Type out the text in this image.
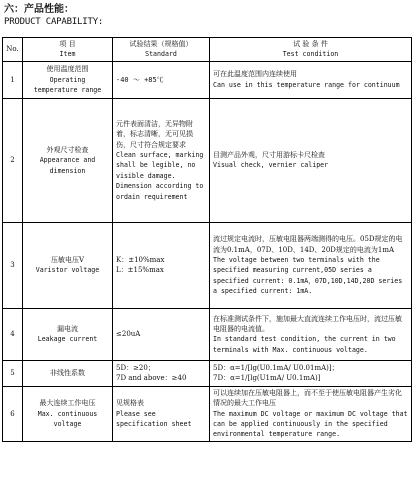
六：产品性能：
PRODUCT CAPABILITY:
No.	项 目
Item	试验结果（规格值）
Standard	试 验 条 件
Test condition

1	使用温度范围
Operating temperature range	-40 ～ +85℃	可在此温度范围内连续使用
Can use in this temperature range for continuum

2	外观尺寸检查
Appearance and dimension	元件表面清洁，无异物附着，标志清晰，无可见损伤，尺寸符合规定要求
Clean surface, marking shall be legible, no visible damage. Dimension according to ordain requirement	目测产品外观，尺寸用游标卡尺检查
Visual check, vernier caliper

3	压敏电压V
Varistor voltage	K：±10%max
L：±15%max	流过规定电流时，压敏电阻器两端测得的电压。05D规定的电流为0.1mA，07D、10D、14D、20D规定的电流为1mA
The voltage between two terminals with the specified measuring current,05D series a specified current: 0.1mA，07D,10D,14D,20D series a specified current: 1mA.

4	漏电流
Leakage current	≤20uA	在标准测试条件下，施加最大直流连续工作电压时，流过压敏电阻器的电流值。
In standard test condition, the current in two terminals with Max. continuous voltage.

5	非线性系数	5D：≥20；
7D and above：≥40	5D：α=1/[lg(U0.1mA/ U0.01mA)]；
7D：α=1/[lg(U1mA/ U0.1mA)]

6	最大连续工作电压
Max. continuous voltage	见规格表
Please see specification sheet	可以连续加在压敏电阻器上，而不至于使压敏电阻器产生劣化情况的最大工作电压
The maximum DC voltage or maximum DC voltage that can be applied continuously in the specified environmental temperature range.
